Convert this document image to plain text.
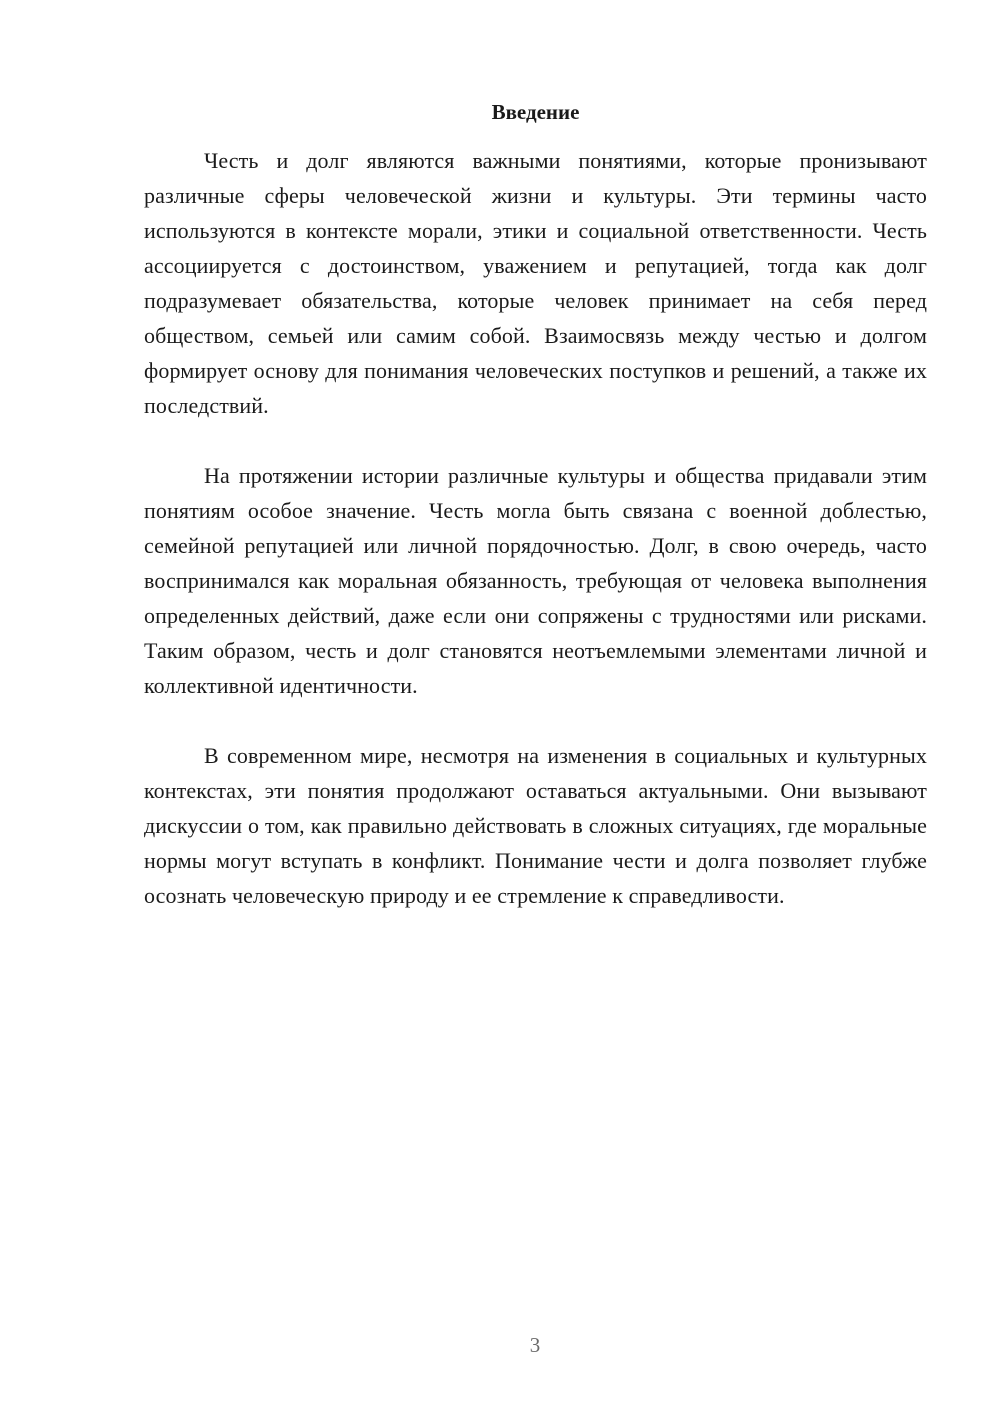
Введение

Честь и долг являются важными понятиями, которые пронизывают различные сферы человеческой жизни и культуры. Эти термины часто используются в контексте морали, этики и социальной ответственности. Честь ассоциируется с достоинством, уважением и репутацией, тогда как долг подразумевает обязательства, которые человек принимает на себя перед обществом, семьей или самим собой. Взаимосвязь между честью и долгом формирует основу для понимания человеческих поступков и решений, а также их последствий.

На протяжении истории различные культуры и общества придавали этим понятиям особое значение. Честь могла быть связана с военной доблестью, семейной репутацией или личной порядочностью. Долг, в свою очередь, часто воспринимался как моральная обязанность, требующая от человека выполнения определенных действий, даже если они сопряжены с трудностями или рисками. Таким образом, честь и долг становятся неотъемлемыми элементами личной и коллективной идентичности.

В современном мире, несмотря на изменения в социальных и культурных контекстах, эти понятия продолжают оставаться актуальными. Они вызывают дискуссии о том, как правильно действовать в сложных ситуациях, где моральные нормы могут вступать в конфликт. Понимание чести и долга позволяет глубже осознать человеческую природу и ее стремление к справедливости.

3
